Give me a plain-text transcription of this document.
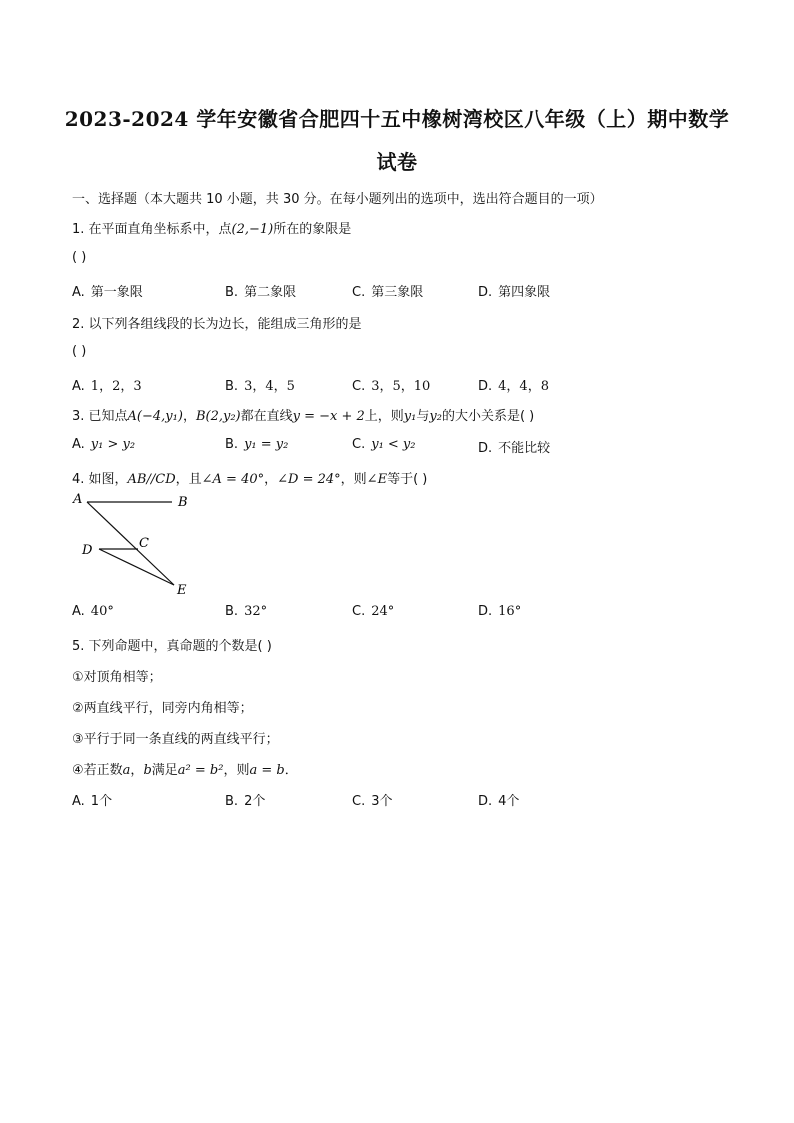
2023-2024 学年安徽省合肥四十五中橡树湾校区八年级（上）期中数学
试卷
一、选择题（本大题共 10 小题，共 30 分。在每小题列出的选项中，选出符合题目的一项）
1. 在平面直角坐标系中，点(2,−1)所在的象限是
( )
A. 第一象限	B. 第二象限	C. 第三象限	D. 第四象限
2. 以下列各组线段的长为边长，能组成三角形的是
( )
A. 1，2，3	B. 3，4，5	C. 3，5，10	D. 4，4，8
3. 已知点A(−4,y₁)，B(2,y₂)都在直线y = −x + 2上，则y₁与y₂的大小关系是( )
A. y₁ > y₂	B. y₁ = y₂	C. y₁ < y₂	D. 不能比较
4. 如图，AB//CD，且∠A = 40°，∠D = 24°，则∠E等于( )
A	B
C
D
E
A. 40°	B. 32°	C. 24°	D. 16°
5. 下列命题中，真命题的个数是( )
①对顶角相等；
②两直线平行，同旁内角相等；
③平行于同一条直线的两直线平行；
④若正数a，b满足a² = b²，则a = b．
A. 1个	B. 2个	C. 3个	D. 4个
